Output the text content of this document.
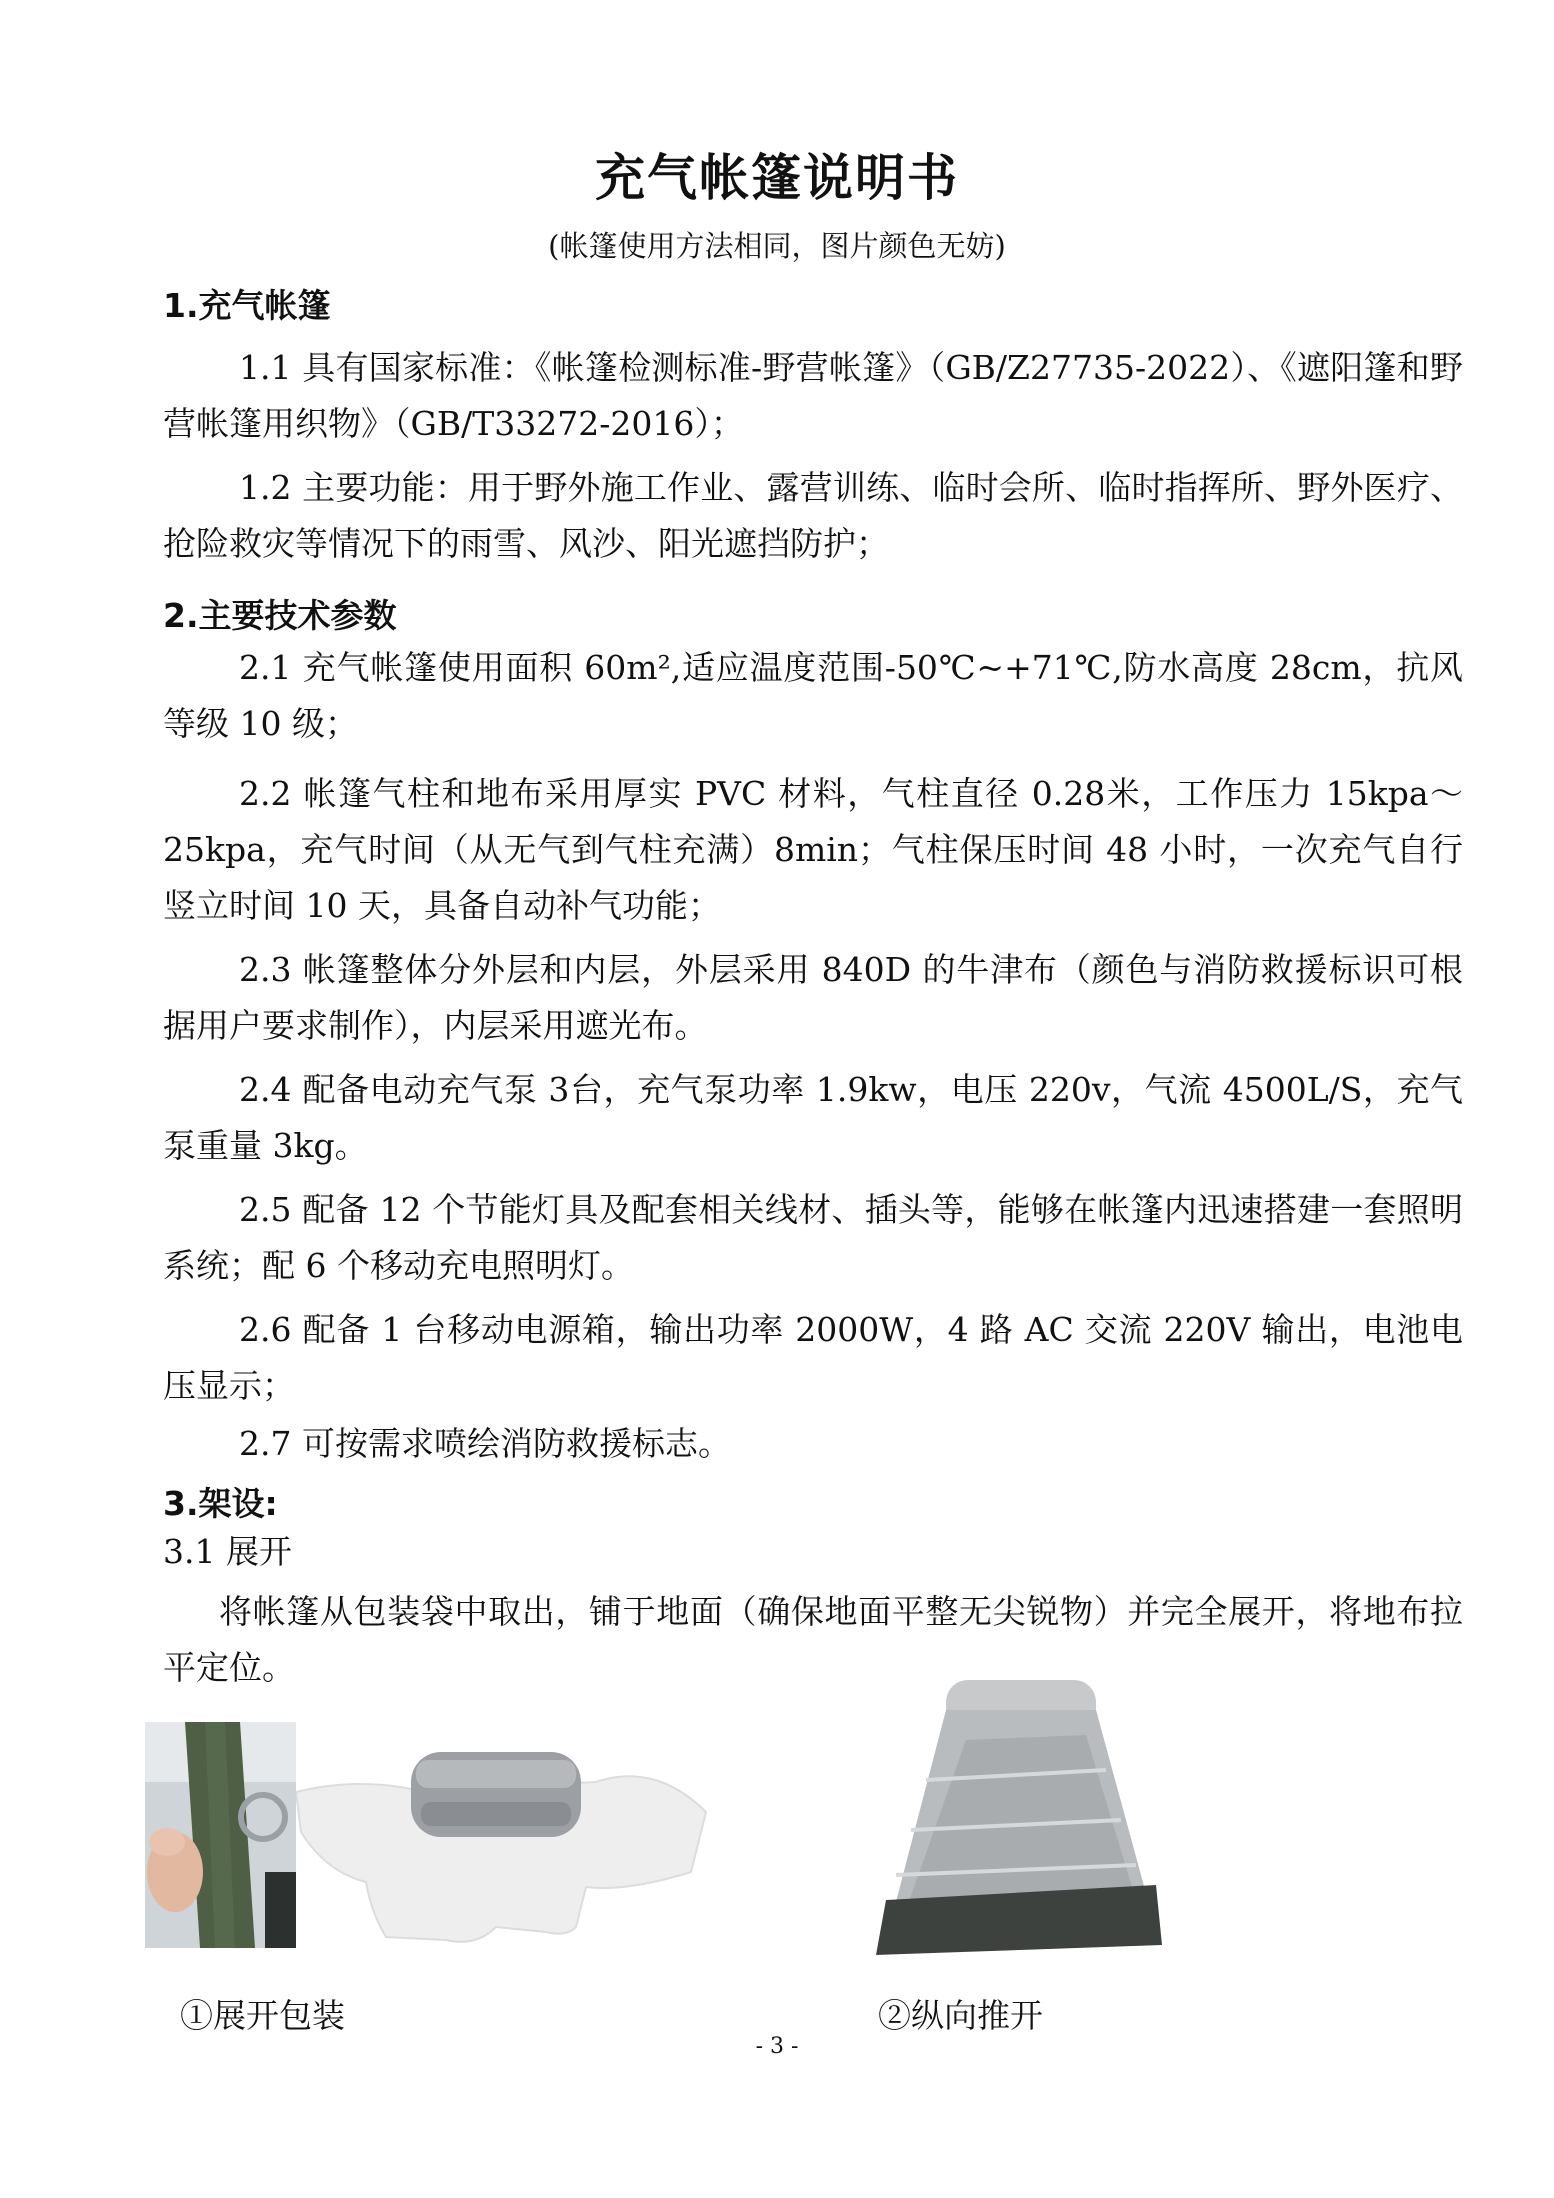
充气帐篷说明书
(帐篷使用方法相同，图片颜色无妨)
1.充气帐篷
1.1 具有国家标准：《帐篷检测标准-野营帐篷》（GB/Z27735-2022）、《遮阳篷和野营帐篷用织物》（GB/T33272-2016）；
1.2 主要功能：用于野外施工作业、露营训练、临时会所、临时指挥所、野外医疗、抢险救灾等情况下的雨雪、风沙、阳光遮挡防护；
2.主要技术参数
2.1 充气帐篷使用面积 60m²,适应温度范围-50℃~+71℃,防水高度 28cm，抗风等级 10 级；
2.2 帐篷气柱和地布采用厚实 PVC 材料，气柱直径 0.28米，工作压力 15kpa～25kpa，充气时间（从无气到气柱充满）8min；气柱保压时间 48 小时，一次充气自行竖立时间 10 天，具备自动补气功能；
2.3 帐篷整体分外层和内层，外层采用 840D 的牛津布（颜色与消防救援标识可根据用户要求制作），内层采用遮光布。
2.4 配备电动充气泵 3台，充气泵功率 1.9kw，电压 220v，气流 4500L/S，充气泵重量 3kg。
2.5 配备 12 个节能灯具及配套相关线材、插头等，能够在帐篷内迅速搭建一套照明系统；配 6 个移动充电照明灯。
2.6 配备 1 台移动电源箱，输出功率 2000W，4 路 AC 交流 220V 输出，电池电压显示；
2.7 可按需求喷绘消防救援标志。
3.架设:
3.1 展开
将帐篷从包装袋中取出，铺于地面（确保地面平整无尖锐物）并完全展开，将地布拉平定位。
①展开包装	②纵向推开
- 3 -
